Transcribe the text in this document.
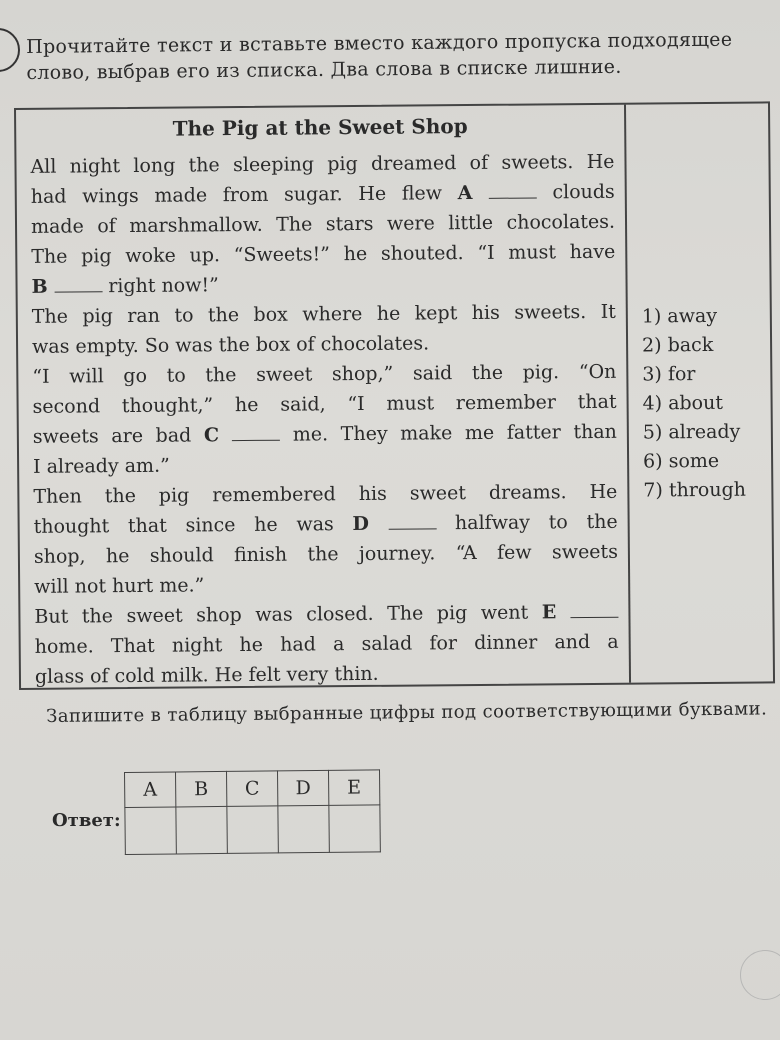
Прочитайте текст и вставьте вместо каждого пропуска подходящее слово, выбрав его из списка. Два слова в списке лишние.
The Pig at the Sweet Shop

All night long the sleeping pig dreamed of sweets. He

had wings made from sugar. He flew A	clouds

made of marshmallow. The stars were little chocolates.

The pig woke up. “Sweets!” he shouted. “I must have

B	right now!”

The pig ran to the box where he kept his sweets. It

was empty. So was the box of chocolates.

“I will go to the sweet shop,” said the pig. “On

second thought,” he said, “I must remember that

sweets are bad C	me. They make me fatter than

I already am.”

Then the pig remembered his sweet dreams. He

thought that since he was D	halfway to the

shop, he should finish the journey. “A few sweets

will not hurt me.”

But the sweet shop was closed. The pig went E

home. That night he had a salad for dinner and a

glass of cold milk. He felt very thin.

1) away
2) back
3) for
4) about
5) already
6) some
7) through
Запишите в таблицу выбранные цифры под соответствующими буквами.
Ответ:
A	B	C	D	E
